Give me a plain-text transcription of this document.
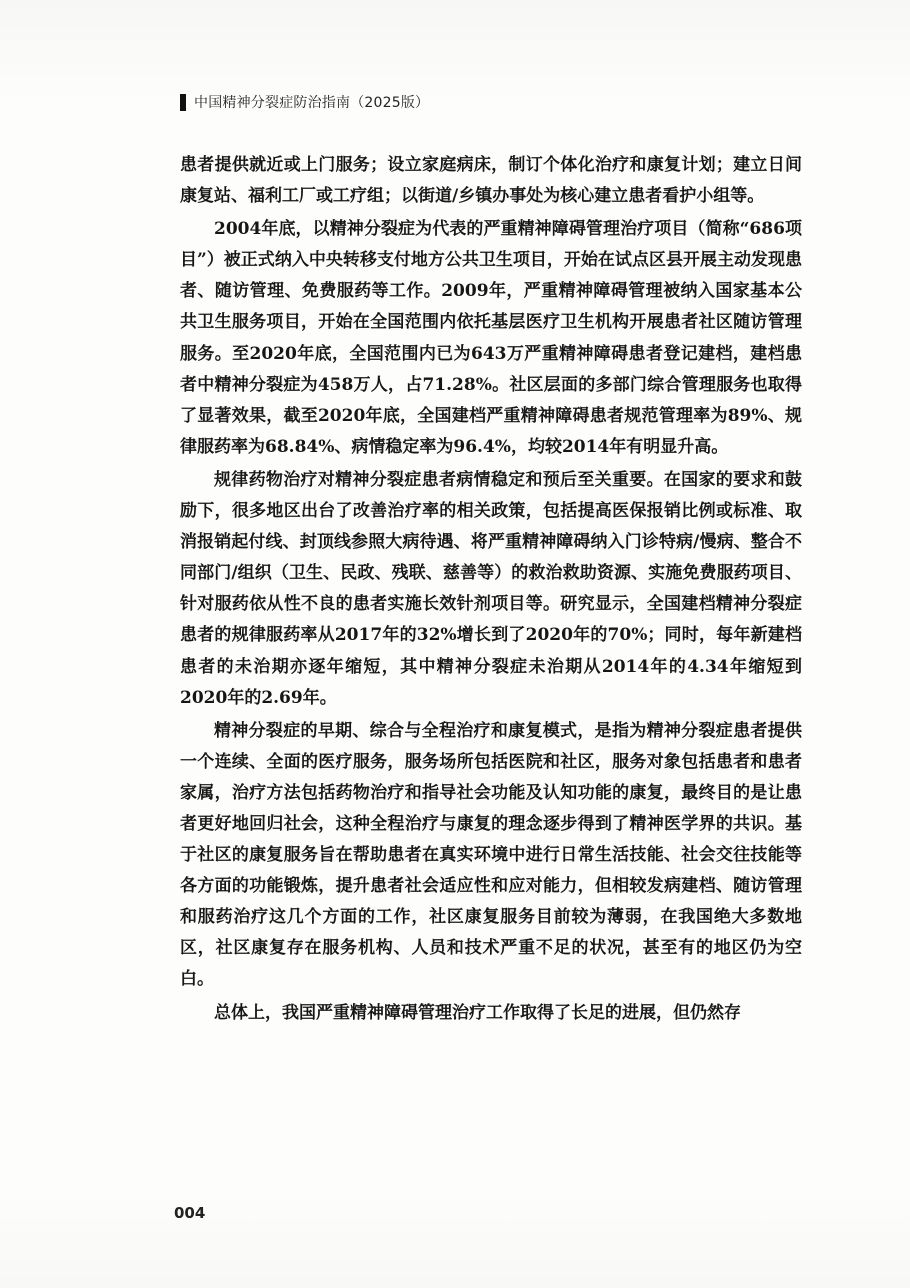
中国精神分裂症防治指南（2025版）

患者提供就近或上门服务；设立家庭病床，制订个体化治疗和康复计划；建立日间康复站、福利工厂或工疗组；以街道/乡镇办事处为核心建立患者看护小组等。

2004年底，以精神分裂症为代表的严重精神障碍管理治疗项目（简称“686项目”）被正式纳入中央转移支付地方公共卫生项目，开始在试点区县开展主动发现患者、随访管理、免费服药等工作。2009年，严重精神障碍管理被纳入国家基本公共卫生服务项目，开始在全国范围内依托基层医疗卫生机构开展患者社区随访管理服务。至2020年底，全国范围内已为643万严重精神障碍患者登记建档，建档患者中精神分裂症为458万人，占71.28%。社区层面的多部门综合管理服务也取得了显著效果，截至2020年底，全国建档严重精神障碍患者规范管理率为89%、规律服药率为68.84%、病情稳定率为96.4%，均较2014年有明显升高。

规律药物治疗对精神分裂症患者病情稳定和预后至关重要。在国家的要求和鼓励下，很多地区出台了改善治疗率的相关政策，包括提高医保报销比例或标准、取消报销起付线、封顶线参照大病待遇、将严重精神障碍纳入门诊特病/慢病、整合不同部门/组织（卫生、民政、残联、慈善等）的救治救助资源、实施免费服药项目、针对服药依从性不良的患者实施长效针剂项目等。研究显示，全国建档精神分裂症患者的规律服药率从2017年的32%增长到了2020年的70%；同时，每年新建档患者的未治期亦逐年缩短，其中精神分裂症未治期从2014年的4.34年缩短到2020年的2.69年。

精神分裂症的早期、综合与全程治疗和康复模式，是指为精神分裂症患者提供一个连续、全面的医疗服务，服务场所包括医院和社区，服务对象包括患者和患者家属，治疗方法包括药物治疗和指导社会功能及认知功能的康复，最终目的是让患者更好地回归社会，这种全程治疗与康复的理念逐步得到了精神医学界的共识。基于社区的康复服务旨在帮助患者在真实环境中进行日常生活技能、社会交往技能等各方面的功能锻炼，提升患者社会适应性和应对能力，但相较发病建档、随访管理和服药治疗这几个方面的工作，社区康复服务目前较为薄弱，在我国绝大多数地区，社区康复存在服务机构、人员和技术严重不足的状况，甚至有的地区仍为空白。

总体上，我国严重精神障碍管理治疗工作取得了长足的进展，但仍然存

004
